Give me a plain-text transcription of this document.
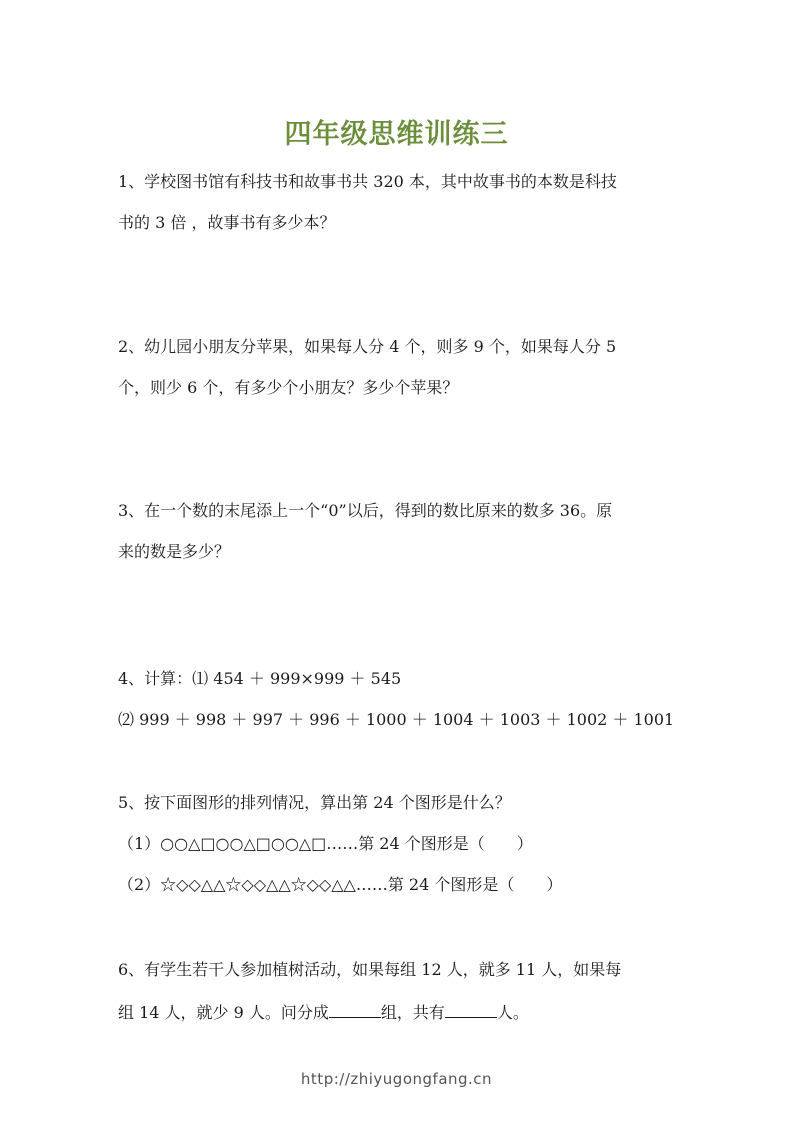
四年级思维训练三
1、学校图书馆有科技书和故事书共 320 本，其中故事书的本数是科技
书的 3 倍 ，故事书有多少本？
2、幼儿园小朋友分苹果，如果每人分 4 个，则多 9 个，如果每人分 5
个，则少 6 个，有多少个小朋友？多少个苹果？
3、在一个数的末尾添上一个“0”以后，得到的数比原来的数多 36。原
来的数是多少？
4、计算：⑴ 454 ＋ 999×999 ＋ 545
⑵ 999 ＋ 998 ＋ 997 ＋ 996 ＋ 1000 ＋ 1004 ＋ 1003 ＋ 1002 ＋ 1001
5、按下面图形的排列情况，算出第 24 个图形是什么？
（1）○○△□○○△□○○△□……第 24 个图形是（　　）
（2）☆◇◇△△☆◇◇△△☆◇◇△△……第 24 个图形是（　　）
6、有学生若干人参加植树活动，如果每组 12 人，就多 11 人，如果每
组 14 人，就少 9 人。问分成	组，共有	人。
http://zhiyugongfang.cn
